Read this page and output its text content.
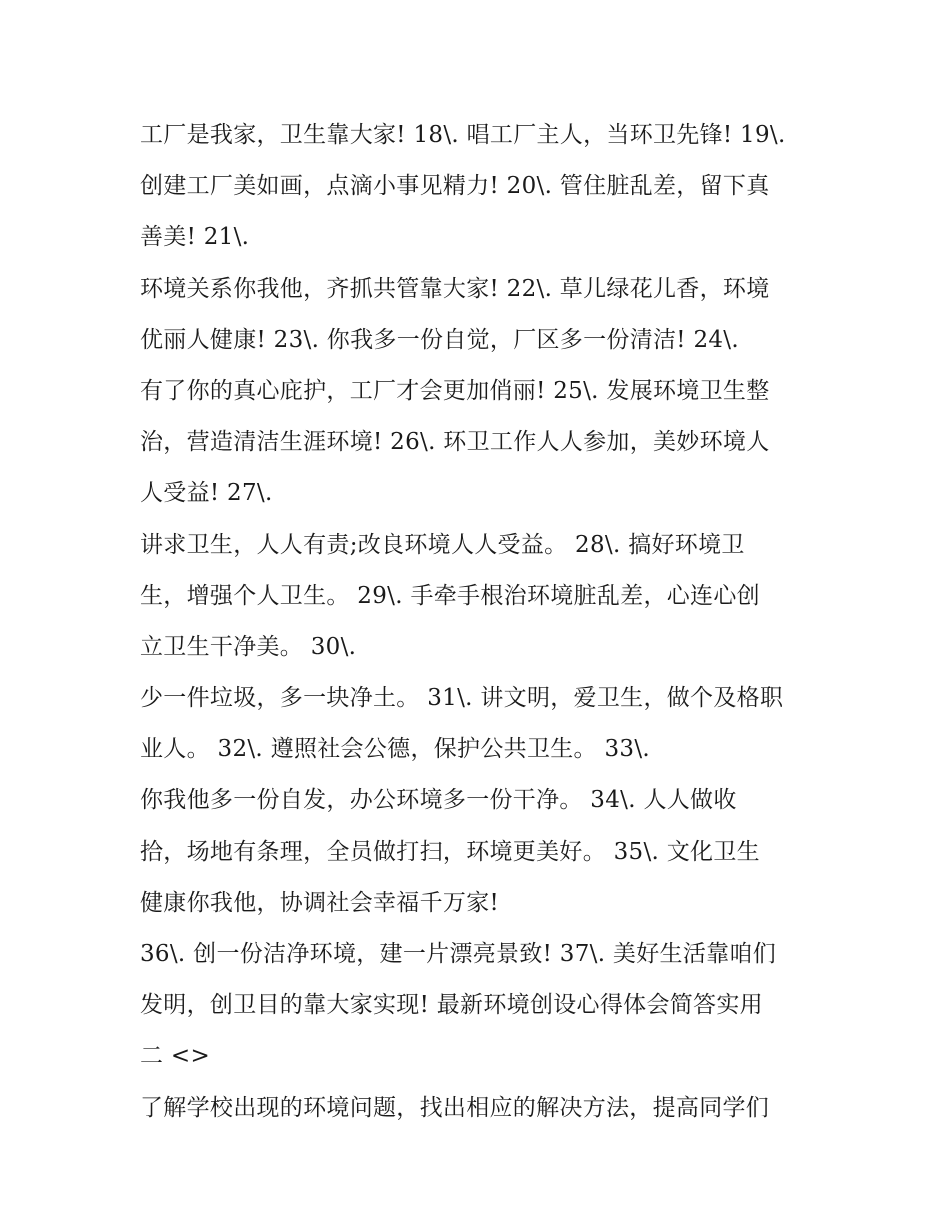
工厂是我家，卫生靠大家! 18\. 唱工厂主人，当环卫先锋! 19\.
创建工厂美如画，点滴小事见精力! 20\. 管住脏乱差，留下真
善美! 21\.
环境关系你我他，齐抓共管靠大家! 22\. 草儿绿花儿香，环境
优丽人健康! 23\. 你我多一份自觉，厂区多一份清洁! 24\.
有了你的真心庇护，工厂才会更加俏丽! 25\. 发展环境卫生整
治，营造清洁生涯环境! 26\. 环卫工作人人参加，美妙环境人
人受益! 27\.
讲求卫生，人人有责;改良环境人人受益。 28\. 搞好环境卫
生，增强个人卫生。 29\. 手牵手根治环境脏乱差，心连心创
立卫生干净美。 30\.
少一件垃圾，多一块净土。 31\. 讲文明，爱卫生，做个及格职
业人。 32\. 遵照社会公德，保护公共卫生。 33\.
你我他多一份自发，办公环境多一份干净。 34\. 人人做收
拾，场地有条理，全员做打扫，环境更美好。 35\. 文化卫生
健康你我他，协调社会幸福千万家!
36\. 创一份洁净环境，建一片漂亮景致! 37\. 美好生活靠咱们
发明，创卫目的靠大家实现! 最新环境创设心得体会简答实用
二 <>
了解学校出现的环境问题，找出相应的解决方法，提高同学们
